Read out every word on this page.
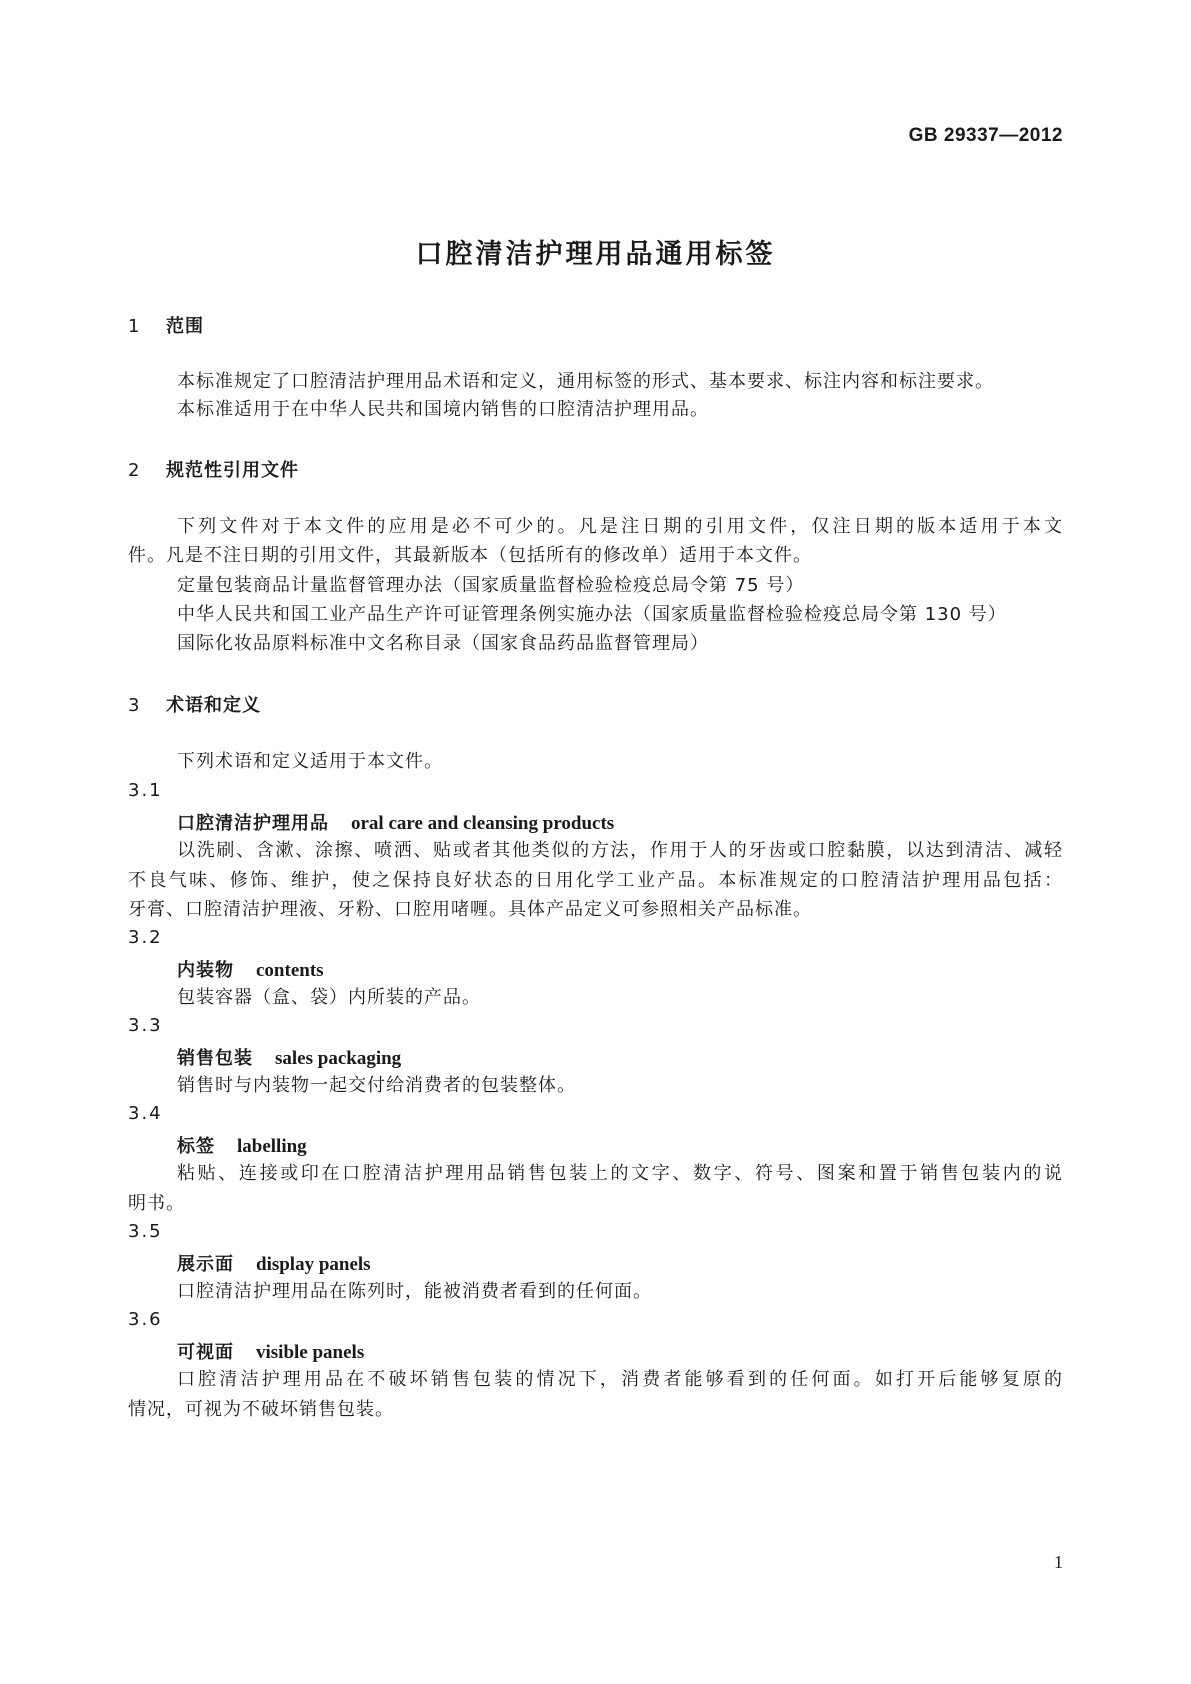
GB 29337—2012
口腔清洁护理用品通用标签
1 范围
本标准规定了口腔清洁护理用品术语和定义，通用标签的形式、基本要求、标注内容和标注要求。
本标准适用于在中华人民共和国境内销售的口腔清洁护理用品。
2 规范性引用文件
下列文件对于本文件的应用是必不可少的。凡是注日期的引用文件，仅注日期的版本适用于本文
件。凡是不注日期的引用文件，其最新版本（包括所有的修改单）适用于本文件。
定量包装商品计量监督管理办法（国家质量监督检验检疫总局令第 75 号）
中华人民共和国工业产品生产许可证管理条例实施办法（国家质量监督检验检疫总局令第 130 号）
国际化妆品原料标准中文名称目录（国家食品药品监督管理局）
3 术语和定义
下列术语和定义适用于本文件。
3.1
口腔清洁护理用品 oral care and cleansing products
以洗刷、含漱、涂擦、喷洒、贴或者其他类似的方法，作用于人的牙齿或口腔黏膜，以达到清洁、减轻
不良气味、修饰、维护，使之保持良好状态的日用化学工业产品。本标准规定的口腔清洁护理用品包括：
牙膏、口腔清洁护理液、牙粉、口腔用啫喱。具体产品定义可参照相关产品标准。
3.2
内装物 contents
包装容器（盒、袋）内所装的产品。
3.3
销售包装 sales packaging
销售时与内装物一起交付给消费者的包装整体。
3.4
标签 labelling
粘贴、连接或印在口腔清洁护理用品销售包装上的文字、数字、符号、图案和置于销售包装内的说
明书。
3.5
展示面 display panels
口腔清洁护理用品在陈列时，能被消费者看到的任何面。
3.6
可视面 visible panels
口腔清洁护理用品在不破坏销售包装的情况下，消费者能够看到的任何面。如打开后能够复原的
情况，可视为不破坏销售包装。
1
